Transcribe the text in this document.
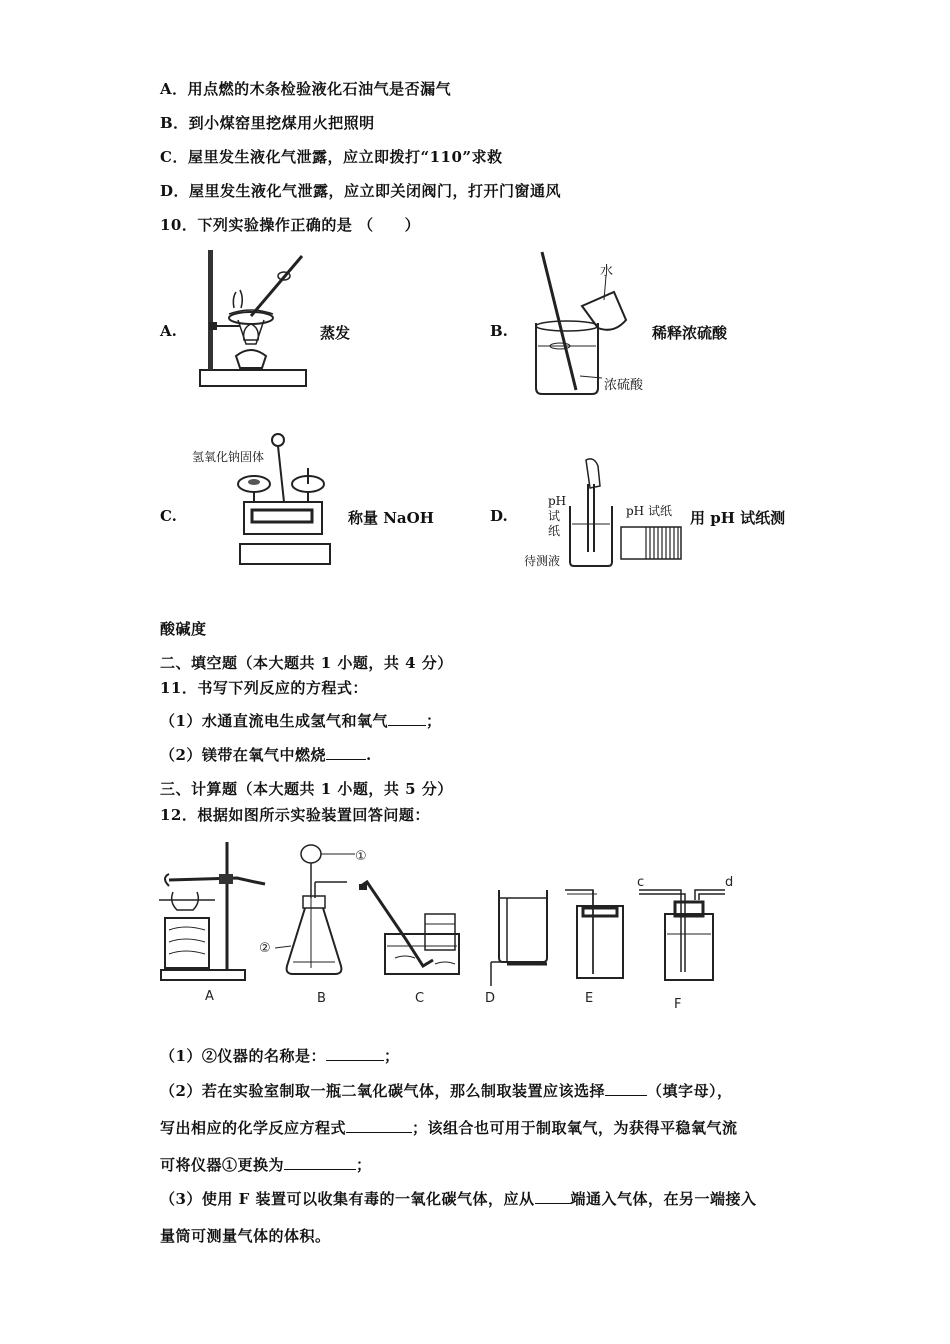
A．用点燃的木条检验液化石油气是否漏气
B．到小煤窑里挖煤用火把照明
C．屋里发生液化气泄露，应立即拨打“110”求救
D．屋里发生液化气泄露，应立即关闭阀门，打开门窗通风
10．下列实验操作正确的是 （　　）
A.	蒸发	B.
水
浓硫酸
稀释浓硫酸
C.
氢氧化钠固体
称量 NaOH	D.
pH
试
纸
待测液
pH 试纸 用 pH 试纸测
酸碱度
二、填空题（本大题共 1 小题，共 4 分）
11．书写下列反应的方程式：
（1）水通直流电生成氢气和氧气	；
（2）镁带在氧气中燃烧	.
三、计算题（本大题共 1 小题，共 5 分）
12．根据如图所示实验装置回答问题：
A
①
②
B	C	D	E
c	d
F
（1）②仪器的名称是：	；
（2）若在实验室制取一瓶二氧化碳气体，那么制取装置应该选择	（填字母），
写出相应的化学反应方程式	；该组合也可用于制取氧气，为获得平稳氧气流
可将仪器①更换为	；
（3）使用 F 装置可以收集有毒的一氧化碳气体，应从 端通入气体，在另一端接入
量筒可测量气体的体积。
